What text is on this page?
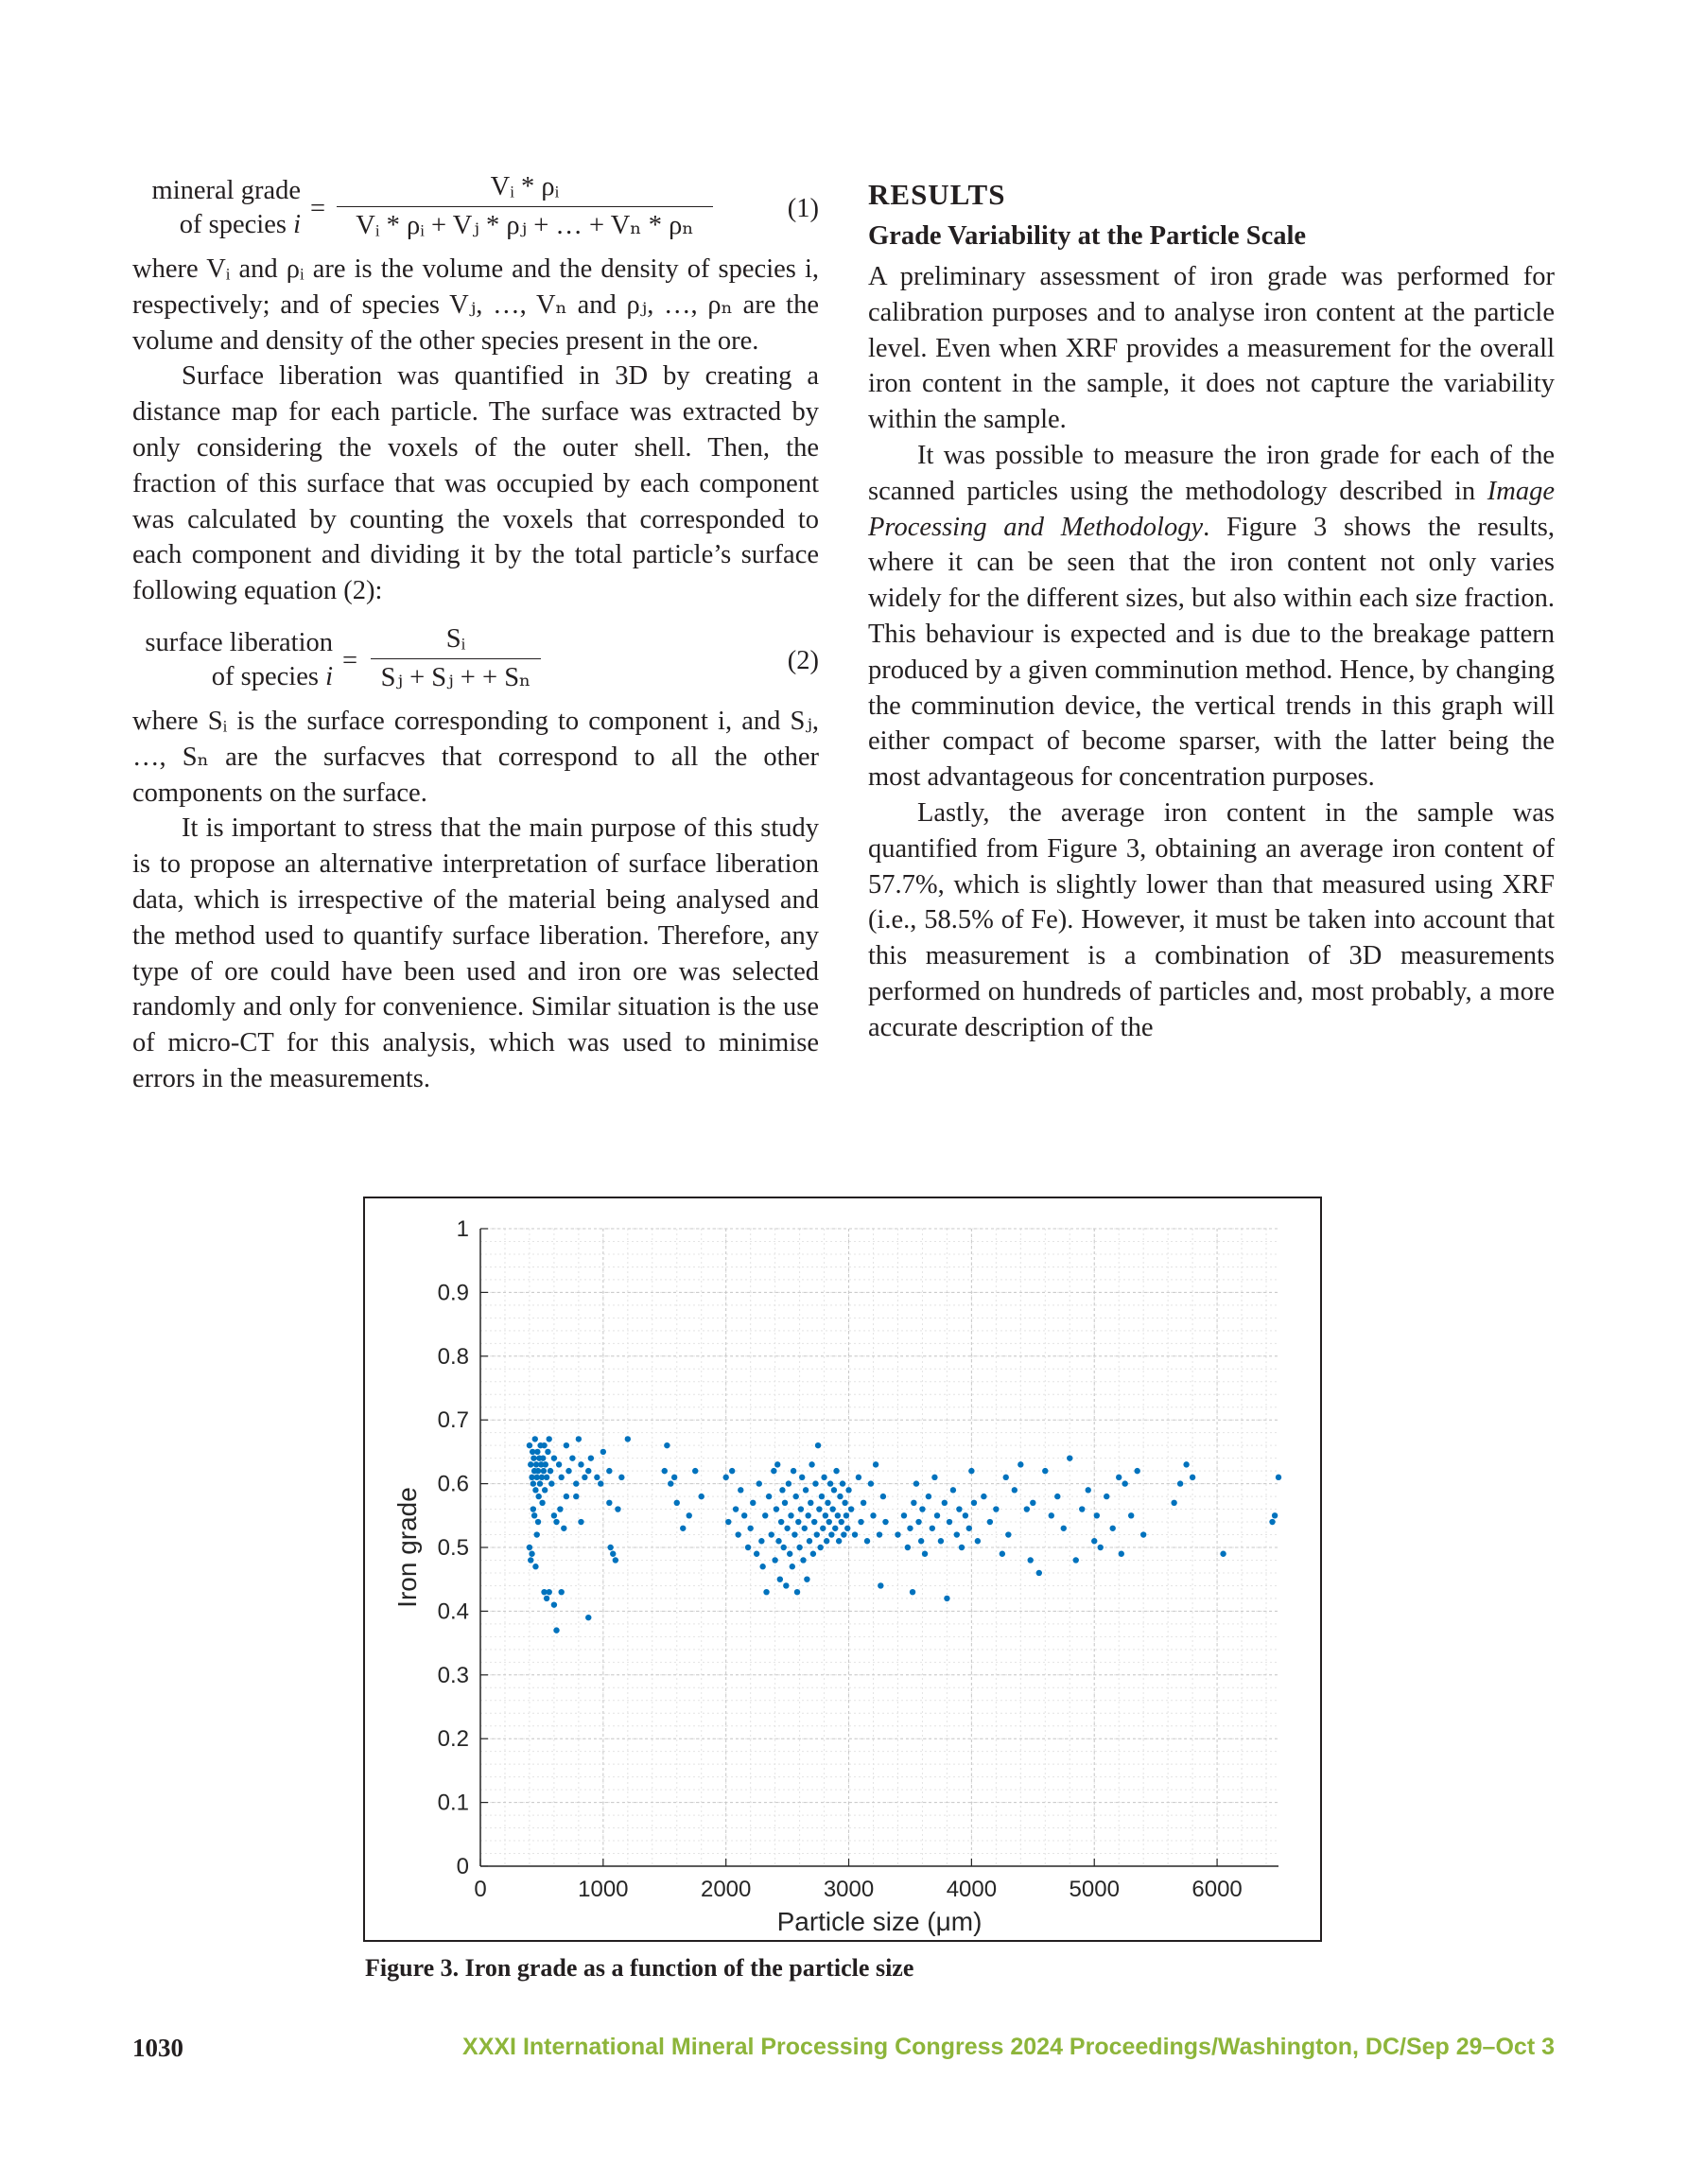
mineral grade
of species i
= $\frac{\text{Vᵢ * ρᵢ}}{\text{Vᵢ * ρᵢ + Vⱼ * ρⱼ + … + Vₙ * ρₙ}}$	(1)

where Vᵢ and ρᵢ are is the volume and the density of species i, respectively; and of species Vⱼ, …, Vₙ and ρⱼ, …, ρₙ are the volume and density of the other species present in the ore.

Surface liberation was quantified in 3D by creating a distance map for each particle. The surface was extracted by only considering the voxels of the outer shell. Then, the fraction of this surface that was occupied by each component was calculated by counting the voxels that corresponded to each component and dividing it by the total particle’s surface following equation (2):

surface liberation
of species i
= $\frac{\text{Sᵢ}}{\text{Sⱼ + Sⱼ + + Sₙ}}$	(2)

where Sᵢ is the surface corresponding to component i, and Sⱼ, …, Sₙ are the surfacves that correspond to all the other components on the surface.

It is important to stress that the main purpose of this study is to propose an alternative interpretation of surface liberation data, which is irrespective of the material being analysed and the method used to quantify surface liberation. Therefore, any type of ore could have been used and iron ore was selected randomly and only for convenience. Similar situation is the use of micro-CT for this analysis, which was used to minimise errors in the measurements.

RESULTS
Grade Variability at the Particle Scale

A preliminary assessment of iron grade was performed for calibration purposes and to analyse iron content at the particle level. Even when XRF provides a measurement for the overall iron content in the sample, it does not capture the variability within the sample.

It was possible to measure the iron grade for each of the scanned particles using the methodology described in Image Processing and Methodology. Figure 3 shows the results, where it can be seen that the iron content not only varies widely for the different sizes, but also within each size fraction. This behaviour is expected and is due to the breakage pattern produced by a given comminution method. Hence, by changing the comminution device, the vertical trends in this graph will either compact of become sparser, with the latter being the most advantageous for concentration purposes.

Lastly, the average iron content in the sample was quantified from Figure 3, obtaining an average iron content of 57.7%, which is slightly lower than that measured using XRF (i.e., 58.5% of Fe). However, it must be taken into account that this measurement is a combination of 3D measurements performed on hundreds of particles and, most probably, a more accurate description of the

0	1000	2000	3000	4000	5000	6000
0
0.1
0.2
0.3
0.4
0.5
0.6
0.7
0.8
0.9
1
Particle size (μm)
Iron grade
Figure 3. Iron grade as a function of the particle size
1030	XXXI International Mineral Processing Congress 2024 Proceedings/Washington, DC/Sep 29–Oct 3
